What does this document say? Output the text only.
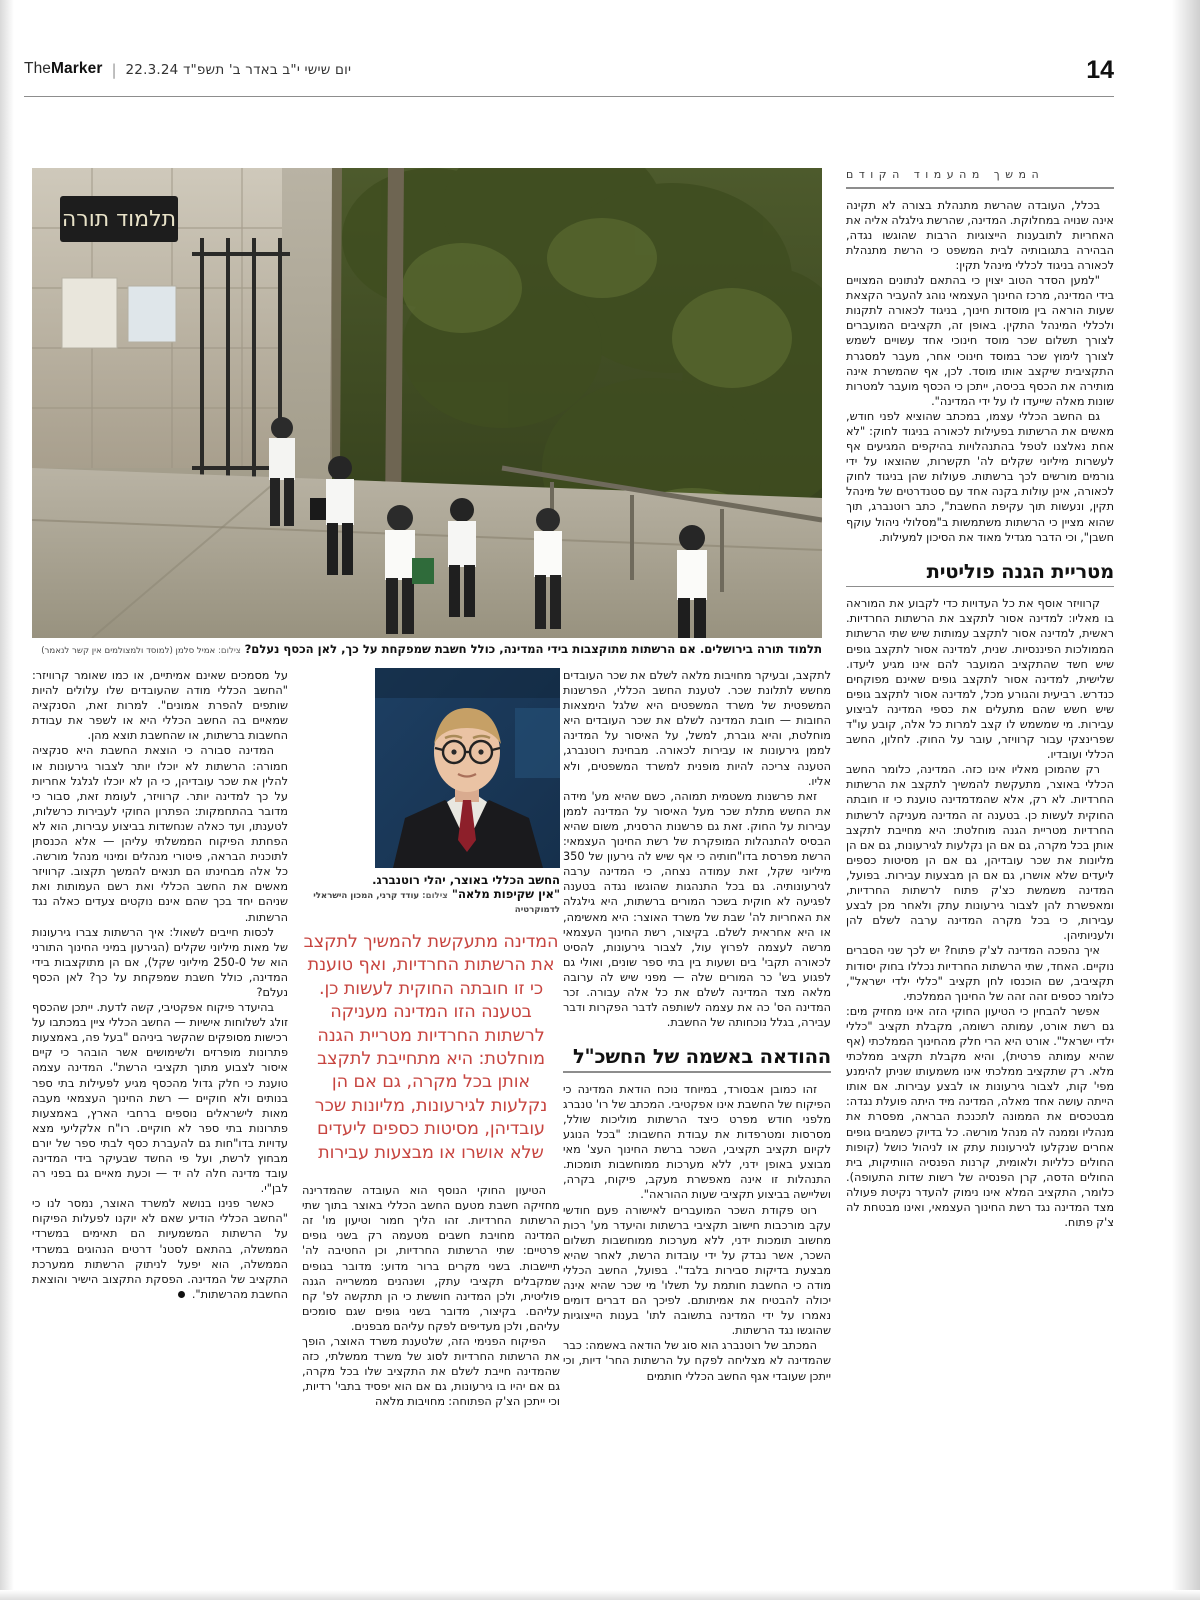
TheMarker | יום שישי י"ב באדר ב' תשפ"ד 22.3.24	14
תלמוד תורה
תלמוד תורה בירושלים. אם הרשתות מתוקצבות בידי המדינה, כולל חשבת שמפקחת על כך, לאן הכסף נעלם? צילום: אמיל סלמן (למוסד ולמצולמים אין קשר לנאמר)
המשך מהעמוד הקודם

בכלל, העובדה שהרשת מתנהלת בצורה לא תקינה אינה שנויה במחלוקת. המדינה, שהרשת גילגלה אליה את האחריות לתובענות הייצוגיות הרבות שהוגשו נגדה, הבהירה בתגובותיה לבית המשפט כי הרשת מתנהלת לכאורה בניגוד לכללי מינהל תקין:

"למען הסדר הטוב יצוין כי בהתאם לנתונים המצויים בידי המדינה, מרכז החינוך העצמאי נוהג להעביר הקצאת שעות הוראה בין מוסדות חינוך, בניגוד לכאורה לתקנות ולכללי המינהל התקין. באופן זה, תקציבים המועברים לצורך תשלום שכר מוסד חינוכי אחד עשויים לשמש לצורך לימוץ שכר במוסד חינוכי אחר, מעבר למסגרת התקציבית שיקצב אותו מוסד. לכן, אף שהמשרת אינה מותירה את הכסף בכיסה, ייתכן כי הכסף מועבר למטרות שונות מאלה שייעדו לו על ידי המדינה".

גם החשב הכללי עצמו, במכתב שהוציא לפני חודש, מאשים את הרשתות בפעילות לכאורה בניגוד לחוק: "לא אחת נאלצנו לטפל בהתנהלויות בהיקפים המגיעים אף לעשרות מיליוני שקלים לה' תקשרות, שהוצאו על ידי גורמים מורשים לכך ברשתות. פעולות שהן בניגוד לחוק לכאורה, אינן עולות בקנה אחד עם סטנדרטים של מינהל תקין, ונעשות תוך עקיפת החשבת", כתב רוטנברג, תוך שהוא מציין כי הרשתות משתמשות ב"מסלולי ניהול עוקף חשבן", וכי הדבר מגדיל מאוד את הסיכון למעילות.

מטריית הגנה פוליטית

קרוויזר אוסף את כל העדויות כדי לקבוע את המוראה בו מאליו: למדינה אסור לתקצב את הרשתות החרדיות. ראשית, למדינה אסור לתקצב עמותות שיש שתי הרשתות הממולכות הפיננסיות. שנית, למדינה אסור לתקצב גופים שיש חשד שהתקציב המועבר להם אינו מגיע ליעדו. שלישית, למדינה אסור לתקצב גופים שאינם מפוקחים כנדרש. רביעית והגורע מכל, למדינה אסור לתקצב גופים שיש חשש שהם מתעלים את כספי המדינה לביצוע עבירות. מי שמשמש לו קצב למרות כל אלה, קובע עו"ד שפרינצקי עבור קרוויזר, עובר על החוק. לחלון, החשב הכללי ועובדיו.

רק שהמוכן מאליו אינו כזה. המדינה, כלומר החשב הכללי באוצר, מתעקשת להמשיך לתקצב את הרשתות החרדיות. לא רק, אלא שהמדמדינה טוענת כי זו חובתה החוקית לעשות כן. בטענה זה המדינה מעניקה לרשתות החרדיות מטריית הגנה מוחלטת: היא מחייבת לתקצב אותן בכל מקרה, גם אם הן נקלעות לגירעונות, גם אם הן מליונות את שכר עובדיהן, גם אם הן מסיטות כספים ליעדים שלא אושרו, גם אם הן מבצעות עבירות. בפועל, המדינה משמשת כצ'ק פתוח לרשתות החרדיות, ומאפשרת להן לצבור גירעונות עתק ולאחר מכן לבצע עבירות, כי בכל מקרה המדינה ערבה לשלם להן ולעניותיהן.

איך נהפכה המדינה לצ'ק פתוח? יש לכך שני הסברים נוקיים. האחד, שתי הרשתות החרדיות נכללו בחוק יסודות תקציביב, שם הוכנסו לחן תקציב "כללי ילדי ישראל", כלומר כספים זהה זהה של החינוך הממלכתי.

אפשר להבחין כי הטיעון החוקי הזה אינו מחזיק מים: גם רשת אורט, עמותה רשומה, מקבלת תקציב "כללי ילדי ישראל". אורט היא הרי חלק מהחינוך הממלכתי (אף שהיא עמותה פרטית), והיא מקבלת תקציב ממלכתי מלא. רק שתקציב ממלכתי אינו משמעותו שניתן להימנע מפי' קות, לצבור גירעונות או לבצע עבירות. אם אותו הייתה עושה אחד מאלה, המדינה מיד היתה פועלת נגדה: מבטכסים את הממונה לתכנכת הבראה, מפסרת את מנהליו וממנה לה מנהל מורשה. כל בדיוק כשמבים גופים אחרים שנקלעו לגירעונות עתק או לניהול כושל (קופות החולים כלליות ולאומית, קרנות הפנסיה הוותיקות, בית החולים הדסה, קרן הפנסיה של רשות שדות התעופה). כלומר, התקציב המלא אינו נימוק להעדר נקיטת פעולה מצד המדינה נגד רשת החינוך העצמאי, ואינו מבטחת לה צ'ק פתוח.

החשב הכללי באוצר, יהלי רוטנברג.
"אין שקיפות מלאה" צילום: עודד קרני, המכון הישראלי לדמוקרטיה
המדינה מתעקשת להמשיך לתקצב את הרשתות החרדיות, ואף טוענת כי זו חובתה החוקית לעשות כן. בטענה הזו המדינה מעניקה לרשתות החרדיות מטריית הגנה מוחלטת: היא מתחייבת לתקצב אותן בכל מקרה, גם אם הן נקלעות לגירעונות, מליונות שכר עובדיהן, מסיטות כספים ליעדים שלא אושרו או מבצעות עבירות

הטיעון החוקי הנוסף הוא העובדה שהמדרינה מחזיקה חשבת מטעם החשב הכללי באוצר בתוך שתי הרשתות החרדיות. זהו הליך חמור וטיעון מו' זה המדינה מחויבת חשבים מטעמה רק בשני גופים פרטיים: שתי הרשתות החרדיות, וכן החטיבה לה' תיישבות. בשני מקרים ברור מדוע: מדובר בגופים שמקבלים תקציבי עתק, ושנהנים ממשרייה הגנה פוליטית, ולכן המדינה חוששת כי הן תתקשה לפ' קח עליהם. בקיצור, מדובר בשני גופים שגם סומכים עליהם, ולכן מעדיפים לפקח עליהם מבפנים.

הפיקוח הפנימי הזה, שלטענת משרד האוצר, הופך את הרשתות החרדיות לסוג של משרד ממשלתי, כזה שהמדינה חייבת לשלם את התקציב שלו בכל מקרה, גם אם יהיו בו גירעונות, גם אם הוא יפסיד בתבי' רדיות, וכי ייתכן הצ'ק הפתוחה: מחויבות מלאה

לתקצב, ובעיקר מחויבות מלאה לשלם את שכר העובדים מחשש לתלונת שכר. לטענת החשב הכללי, הפרשנות המשפטית של משרד המשפטים היא שלגל הימצאות החובות — חובת המדינה לשלם את שכר העובדים היא מוחלטת, והיא גוברת, למשל, על האיסור על המדינה לממן גירעונות או עבירות לכאורה. מבחינת רוטנברג, הטענה צריכה להיות מופנית למשרד המשפטים, ולא אליו.

זאת פרשנות משטמית תמוהה, כשם שהיא מע' מידה את החשש מתלת שכר מעל האיסור על המדינה לממן עבירות על החוק. זאת גם פרשנות הרסנית, משום שהיא הבסיס להתנהלות המופקרת של רשת החינוך העצמאי: הרשת מפרסת בדו"חותיה כי אף שיש לה גירעון של 350 מיליוני שקל, זאת עמודה נצחה, כי המדינה ערבה לגירעונותיה. גם בכל התנהגות שהוגשו נגדה בטענה לפגיעה לא חוקית בשכר המורים ברשתות, היא גילגלה את האחריות לה' שבת של משרד האוצר: היא מאשימה, או היא אחראית לשלם. בקיצור, רשת החינוך העצמאי מרשה לעצמה לפרוץ עול, לצבור גירעונות, להסיט לכאורה תקבי' בים ושעות בין בתי ספר שונים, ואולי גם לפגוע בש' כר המורים שלה — מפני שיש לה ערובה מלאה מצד המדינה לשלם את כל אלה עבורה. זכר המדינה הס' כה את עצמה לשותפה לדבר הפקרות ודבר עבירה, בגלל נוכחותה של החשבת.

ההודאה באשמה של החשכ"ל

זהו כמובן אבסורד, במיוחד נוכח הודאת המדינה כי הפיקוח של החשבת אינו אפקטיבי. המכתב של רו' טנברג מלפני חודש מפרט כיצד הרשתות מוליכות שולל, מסרסות ומטרפדות את עבודת החשבות: "בכל הנוגע לקיום תקציב תקציבי, השכר ברשת החינוך העצ' מאי מבוצע באופן ידני, ללא מערכות ממוחשבות תומכות. התנהלות זו אינה מאפשרת מעקב, פיקוח, בקרה, ושליישה בביצוע תקציבי שעות ההוראה".

רוט פקודת השכר המועברים לאישורה פעם חודשי עקב מורכבות חישוב תקציבי ברשתות והיעדר מע' רכות מחשוב תומכות ידני, ללא מערכות ממוחשבות תשלום השכר, אשר נבדק על ידי עובדות הרשת, לאחר שהיא מבצעת בדיקות סבירות בלבד". בפועל, החשב הכללי מודה כי החשבת חותמת על תשלו' מי שכר שהיא אינה יכולה להבטיח את אמיתותם. לפיכך הם דברים דומים נאמרו על ידי המדינה בתשובה לתו' בענות הייצוגיות שהוגשו נגד הרשתות.

המכתב של רוטנברג הוא סוג של הודאה באשמה: כבר שהמדינה לא מצליחה לפקח על הרשתות החר' דיות, וכי ייתכן שעובדי אגף החשב הכללי חותמים

על מסמכים שאינם אמיתיים, או כמו שאומר קרוויזר: "החשב הכללי מודה שהעובדים שלו עלולים להיות שותפים להפרת אמונים". למרות זאת, הסנקציה שמאיים בה החשב הכללי היא או לשפר את עבודת החשבות ברשתות, או שהחשבת תוצא מהן.

המדינה סבורה כי הוצאת החשבת היא סנקציה חמורה: הרשתות לא יוכלו יותר לצבור גירעונות או להלין את שכר עובדיהן, כי הן לא יוכלו לגלגל אחריות על כך למדינה יותר. קרוויזר, לעומת זאת, סבור כי מדובר בהתחמקות: הפתרון החוקי לעבירות כרשלות, לטענתו, ועד כאלה שנחשדות בביצוע עבירות, הוא לא הפחתת הפיקוח הממשלתי עליהן — אלא הכנסתן לתוכנית הבראה, פיטורי מנהלים ומינוי מנהל מורשה. כל אלה מבחינתו הם תנאים להמשך תקצוב. קרוויזר מאשים את החשב הכללי ואת רשם העמותות ואת שניהם יחד בכך שהם אינם נוקטים צעדים כאלה נגד הרשתות.

לכסות חייבים לשאול: איך הרשתות צברו גירעונות של מאות מיליוני שקלים (הגירעון במיני החינוך התורני הוא של 250-0 מיליוני שקל), אם הן מתוקצבות בידי המדינה, כולל חשבת שמפקחת על כך? לאן הכסף נעלם?

בהיעדר פיקוח אפקטיבי, קשה לדעת. ייתכן שהכסף זולג לשלוחות אישיות — החשב הכללי ציין במכתבו על רכישות מסופקים שהקשר ביניהם "בעל פה, באמצעות פתרונות מופרזים ולשימושים אשר הובהר כי קיים איסור לצבוע מתוך תקציבי הרשת". המדינה עצמה טוענת כי חלק גדול מהכסף מגיע לפעילות בתי ספר בנותים ולא חוקיים — רשת החינוך העצמאי מעבה מאות לישראלים נוספים ברחבי הארץ, באמצעות פתרונות בתי ספר לא חוקיים. רו"ח אלקליעי מצא עדויות בדו"חות גם להעברת כסף לבתי ספר של יורם מבחוץ לרשת, ועל פי החשד שבעיקר בידי המדינה עובד מדינה חלה לה יד — וכעת מאיים גם בפני רה לבן"י.

כאשר פנינו בנושא למשרד האוצר, נמסר לנו כי "החשב הכללי הודיע שאם לא יוקנו לפעלות הפיקוח על הרשתות המשמעיות הם תאימים במשרדי הממשלה, בהתאם לסטנ' דרטים הנהוגים במשרדי הממשלה, הוא יפעל לניתוק הרשתות ממערכת התקציב של המדינה. הפסקת התקצוב הישיר והוצאת החשבת מהרשתות".
